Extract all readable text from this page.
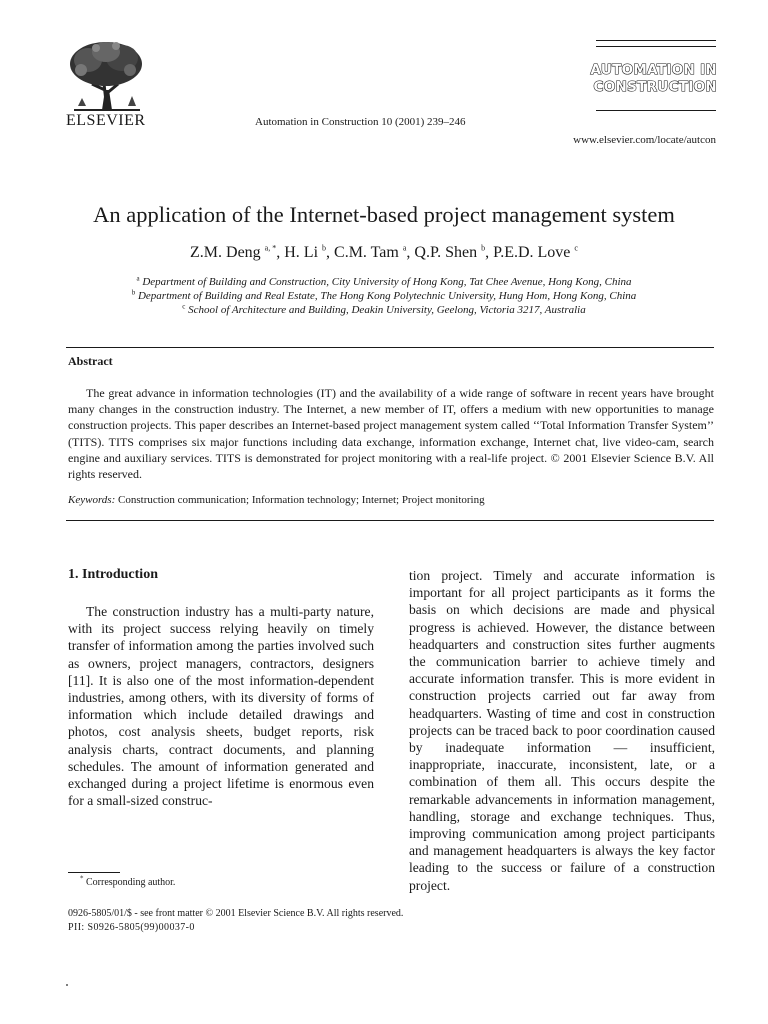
ELSEVIER	Automation in Construction 10 (2001) 239–246
AUTOMATION IN
CONSTRUCTION
www.elsevier.com/locate/autcon
An application of the Internet-based project management system
Z.M. Deng $^{a, *}$, H. Li $^b$, C.M. Tam $^a$, Q.P. Shen $^b$, P.E.D. Love $^c$
$^a$ Department of Building and Construction, City University of Hong Kong, Tat Chee Avenue, Hong Kong, China
$^b$ Department of Building and Real Estate, The Hong Kong Polytechnic University, Hung Hom, Hong Kong, China
$^c$ School of Architecture and Building, Deakin University, Geelong, Victoria 3217, Australia
Abstract

The great advance in information technologies (IT) and the availability of a wide range of software in recent years have brought many changes in the construction industry. The Internet, a new member of IT, offers a medium with new opportunities to manage construction projects. This paper describes an Internet-based project management system called ‘‘Total Information Transfer System’’ (TITS). TITS comprises six major functions including data exchange, information exchange, Internet chat, live video-cam, search engine and auxiliary services. TITS is demonstrated for project monitoring with a real-life project. © 2001 Elsevier Science B.V. All rights reserved.

Keywords: Construction communication; Information technology; Internet; Project monitoring
1. Introduction

The construction industry has a multi-party nature, with its project success relying heavily on timely transfer of information among the parties involved such as owners, project managers, contractors, designers [11]. It is also one of the most information-dependent industries, among others, with its diversity of forms of information which include detailed drawings and photos, cost analysis sheets, budget reports, risk analysis charts, contract documents, and planning schedules. The amount of information generated and exchanged during a project lifetime is enormous even for a small-sized construc-

tion project. Timely and accurate information is important for all project participants as it forms the basis on which decisions are made and physical progress is achieved. However, the distance between headquarters and construction sites further augments the communication barrier to achieve timely and accurate information transfer. This is more evident in construction projects carried out far away from headquarters. Wasting of time and cost in construction projects can be traced back to poor coordination caused by inadequate information — insufficient, inappropriate, inaccurate, inconsistent, late, or a combination of them all. This occurs despite the remarkable advancements in information management, handling, storage and exchange techniques. Thus, improving communication among project participants and management headquarters is always the key factor leading to the success or failure of a construction project.

* Corresponding author.
0926-5805/01/$ - see front matter © 2001 Elsevier Science B.V. All rights reserved.
PII: S0926-5805(99)00037-0
